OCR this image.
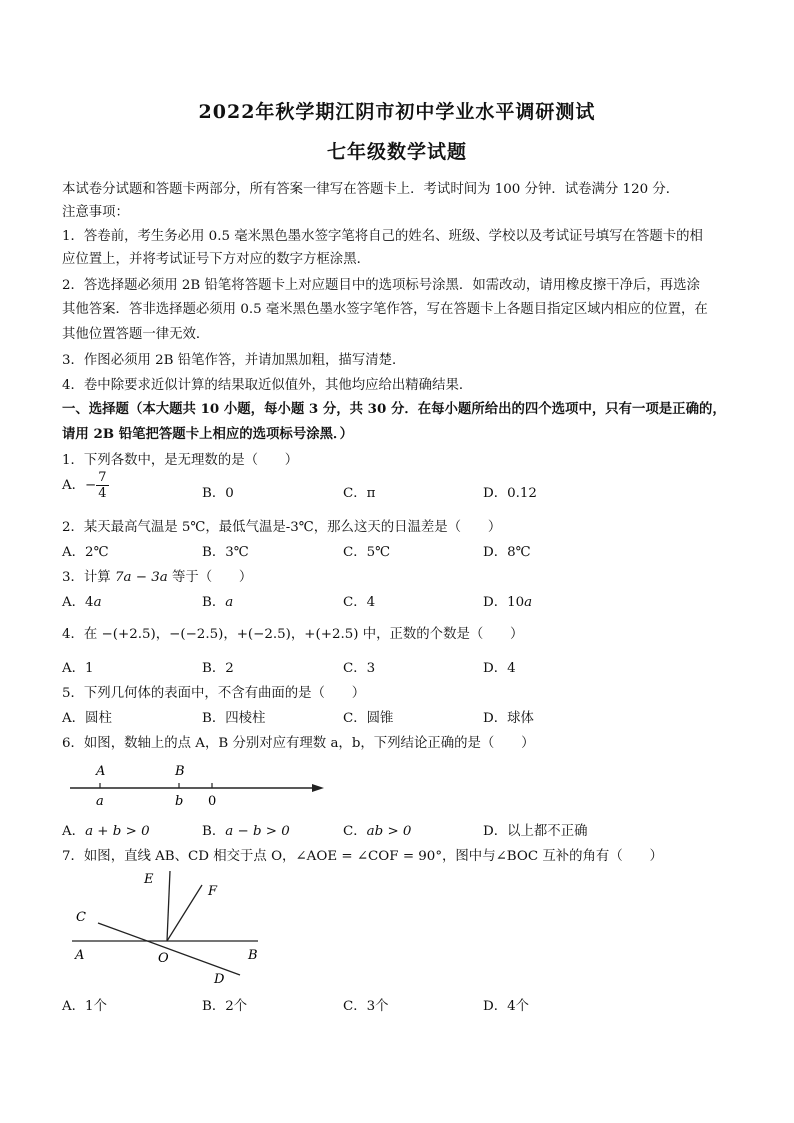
2022年秋学期江阴市初中学业水平调研测试
七年级数学试题
本试卷分试题和答题卡两部分，所有答案一律写在答题卡上．考试时间为 100 分钟．试卷满分 120 分．
注意事项：
1．答卷前，考生务必用 0.5 毫米黑色墨水签字笔将自己的姓名、班级、学校以及考试证号填写在答题卡的相
应位置上，并将考试证号下方对应的数字方框涂黑．
2．答选择题必须用 2B 铅笔将答题卡上对应题目中的选项标号涂黑．如需改动，请用橡皮擦干净后，再选涂
其他答案．答非选择题必须用 0.5 毫米黑色墨水签字笔作答，写在答题卡上各题目指定区域内相应的位置，在
其他位置答题一律无效．
3．作图必须用 2B 铅笔作答，并请加黑加粗，描写清楚．
4．卷中除要求近似计算的结果取近似值外，其他均应给出精确结果．
一、选择题（本大题共 10 小题，每小题 3 分，共 30 分．在每小题所给出的四个选项中，只有一项是正确的，
请用 2B 铅笔把答题卡上相应的选项标号涂黑．）
1．下列各数中，是无理数的是（　　）
A．− $\frac{7}{4}$	B．0	C．π	D．0.12
2．某天最高气温是 5℃，最低气温是-3℃，那么这天的日温差是（　　）
A．2℃	B．3℃	C．5℃	D．8℃
3．计算 7a − 3a 等于（　　）
A．4a	B．a	C．4	D．10a
4．在 −(+2.5)，−(−2.5)，+(−2.5)，+(+2.5) 中，正数的个数是（　　）
A．1	B．2	C．3	D．4
5．下列几何体的表面中，不含有曲面的是（　　）
A．圆柱	B．四棱柱	C．圆锥	D．球体
6．如图，数轴上的点 A，B 分别对应有理数 a，b，下列结论正确的是（　　）
A	B
a	b 0
A．a + b > 0	B．a − b > 0	C．ab > 0	D．以上都不正确
7．如图，直线 AB、CD 相交于点 O，∠AOE = ∠COF = 90°，图中与∠BOC 互补的角有（　　）
E
F
C
A	O	B
D
A．1个	B．2个	C．3个	D．4个
